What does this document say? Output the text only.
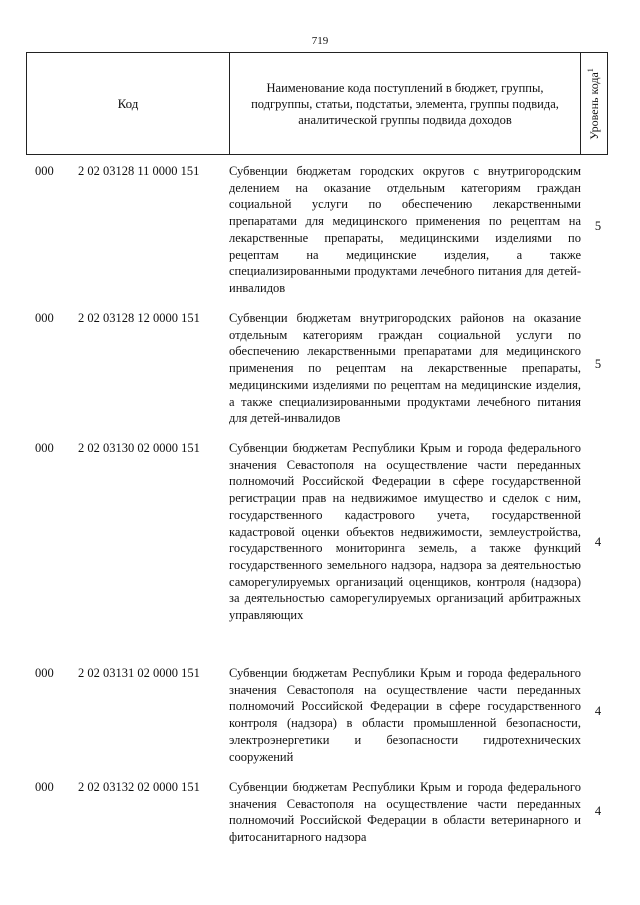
719
Код
Наименование кода поступлений в бюджет, группы, подгруппы, статьи, подстатьи, элемента, группы подвида, аналитической группы подвида доходов	Уровень кода$^1$
000 2 02 03128 11 0000 151 Субвенции бюджетам городских округов с внутригородским делением на оказание отдельным категориям граждан социальной услуги по обеспечению лекарственными препаратами для медицинского применения по рецептам на лекарственные препараты, медицинскими изделиями по рецептам на медицинские изделия, а также специализированными продуктами лечебного питания для детей-инвалидов
5
000 2 02 03128 12 0000 151 Субвенции бюджетам внутригородских районов на оказание отдельным категориям граждан социальной услуги по обеспечению лекарственными препаратами для медицинского применения по рецептам на лекарственные препараты, медицинскими изделиями по рецептам на медицинские изделия, а также специализированными продуктами лечебного питания для детей-инвалидов
5
000 2 02 03130 02 0000 151 Субвенции бюджетам Республики Крым и города федерального значения Севастополя на осуществление части переданных полномочий Российской Федерации в сфере государственной регистрации прав на недвижимое имущество и сделок с ним, государственного кадастрового учета, государственной кадастровой оценки объектов недвижимости, землеустройства, государственного мониторинга земель, а также функций государственного земельного надзора, надзора за деятельностью саморегулируемых организаций оценщиков, контроля (надзора) за деятельностью саморегулируемых организаций арбитражных управляющих
4
000 2 02 03131 02 0000 151 Субвенции бюджетам Республики Крым и города федерального значения Севастополя на осуществление части переданных полномочий Российской Федерации в сфере государственного контроля (надзора) в области промышленной безопасности, электроэнергетики и безопасности гидротехнических сооружений
4
000 2 02 03132 02 0000 151 Субвенции бюджетам Республики Крым и города федерального значения Севастополя на осуществление части переданных полномочий Российской Федерации в области ветеринарного и фитосанитарного надзора
4
